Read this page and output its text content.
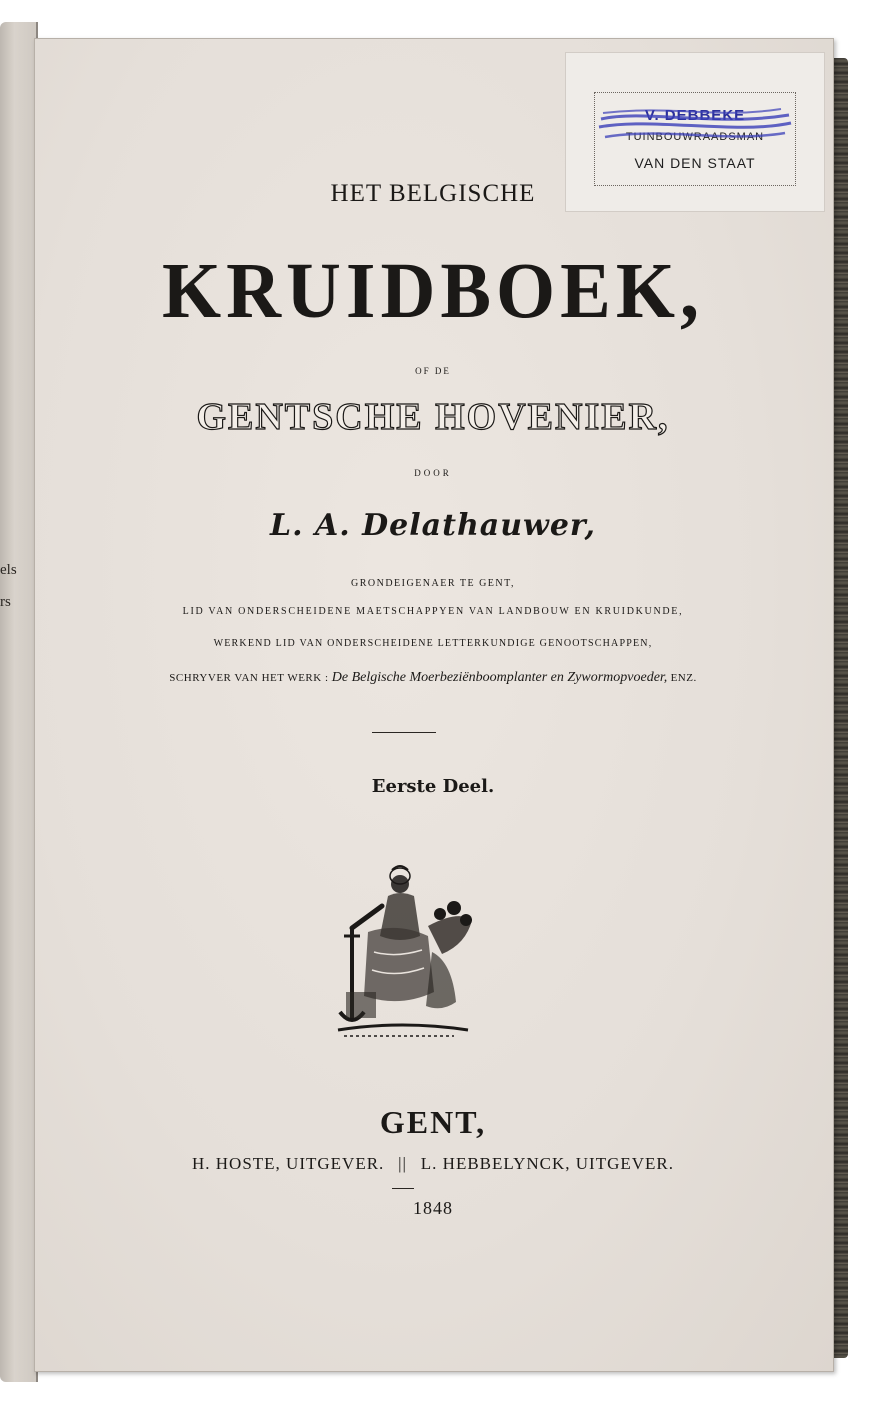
els
rs
V. DEBBEKE
TUINBOUWRAADSMAN
VAN DEN STAAT
HET BELGISCHE
KRUIDBOEK,
OF DE
GENTSCHE HOVENIER,
DOOR
L. A. Delathauwer,
GRONDEIGENAER TE GENT,
LID VAN ONDERSCHEIDENE MAETSCHAPPYEN VAN LANDBOUW EN KRUIDKUNDE,
WERKEND LID VAN ONDERSCHEIDENE LETTERKUNDIGE GENOOTSCHAPPEN,
SCHRYVER VAN HET WERK : De Belgische Moerbeziënboomplanter en Zywormopvoeder, ENZ.
Eerste Deel.
GENT,
H. HOSTE, UITGEVER. || L. HEBBELYNCK, UITGEVER.
1848
